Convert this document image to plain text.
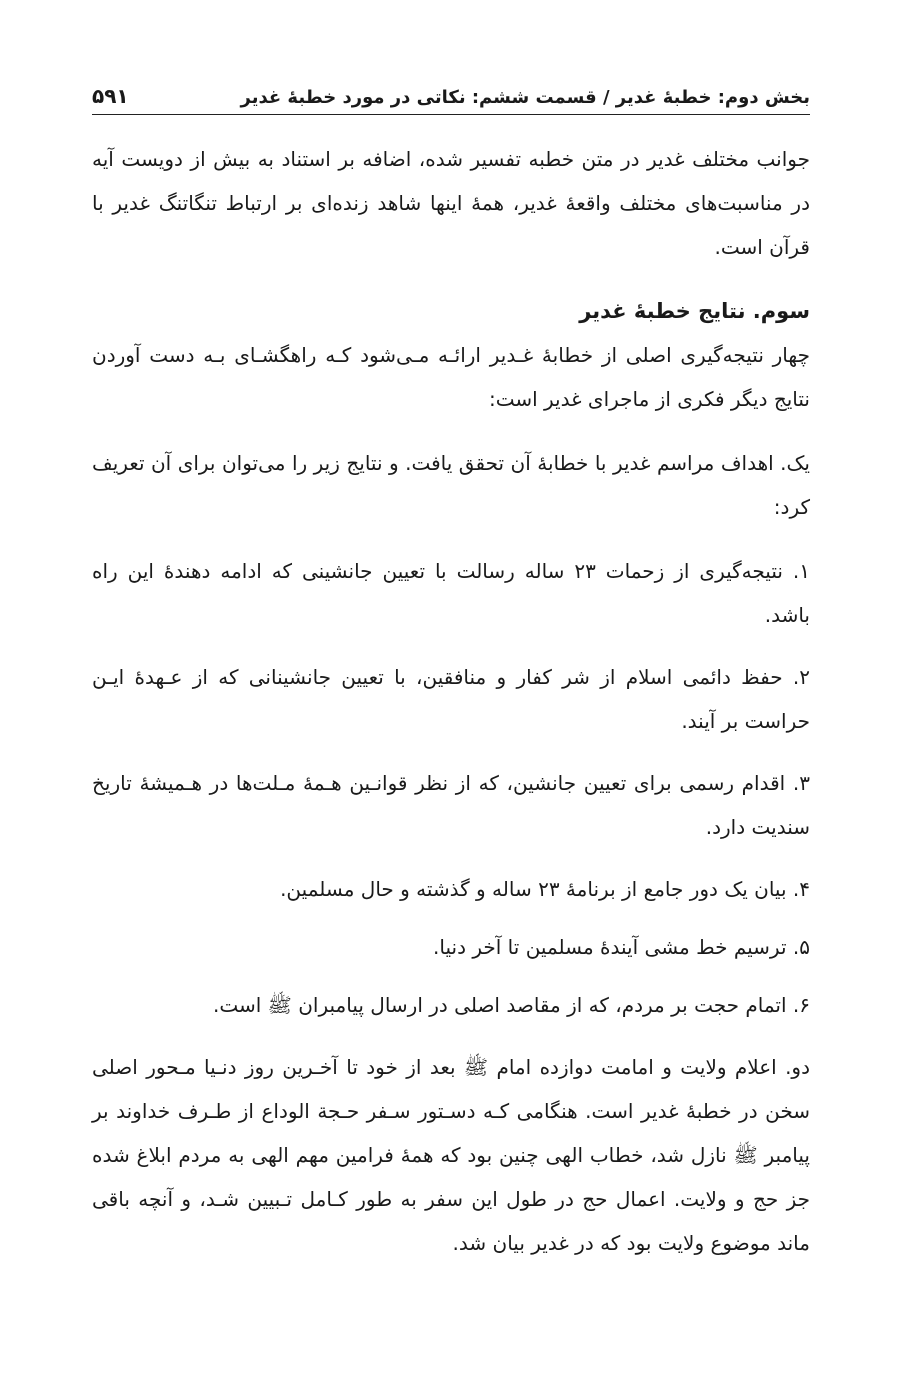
بخش دوم: خطبهٔ غدیر / قسمت ششم: نکاتی در مورد خطبهٔ غدیر
۵۹۱

جوانب مختلف غدیر در متن خطبه تفسیر شده، اضافه بر استناد به بیش از دویست آیه در مناسبت‌های مختلف واقعهٔ غدیر، همهٔ اینها شاهد زنده‌ای بر ارتباط تنگاتنگ غدیر با قرآن است.

سوم. نتایج خطبهٔ غدیر

چهار نتیجه‌گیری اصلی از خطابهٔ غـدیر ارائـه مـی‌شود کـه راهگشـای بـه دست آوردن نتایج دیگر فکری از ماجرای غدیر است:

یک. اهداف مراسم غدیر با خطابهٔ آن تحقق یافت. و نتایج زیر را می‌توان برای آن تعریف کرد:

۱. نتیجه‌گیری از زحمات ۲۳ ساله رسالت با تعیین جانشینی که ادامه دهندهٔ این راه باشد.

۲. حفظ دائمی اسلام از شر کفار و منافقین، با تعیین جانشینانی که از عـهدهٔ ایـن حراست بر آیند.

۳. اقدام رسمی برای تعیین جانشین، که از نظر قوانـین هـمهٔ مـلت‌ها در هـمیشهٔ تاریخ سندیت دارد.

۴. بیان یک دور جامع از برنامهٔ ۲۳ ساله و گذشته و حال مسلمین.

۵. ترسیم خط مشی آیندهٔ مسلمین تا آخر دنیا.

۶. اتمام حجت بر مردم، که از مقاصد اصلی در ارسال پیامبران ﷺ است.

دو. اعلام ولایت و امامت دوازده امام ﷺ بعد از خود تا آخـرین روز دنـیا مـحور اصلی سخن در خطبهٔ غدیر است. هنگامی کـه دسـتور سـفر حـجة الوداع از طـرف خداوند بر پیامبر ﷺ نازل شد، خطاب الهی چنین بود که همهٔ فرامین مهم الهی به مردم ابلاغ شده جز حج و ولایت. اعمال حج در طول این سفر به طور کـامل تـبیین شـد، و آنچه باقی ماند موضوع ولایت بود که در غدیر بیان شد.
